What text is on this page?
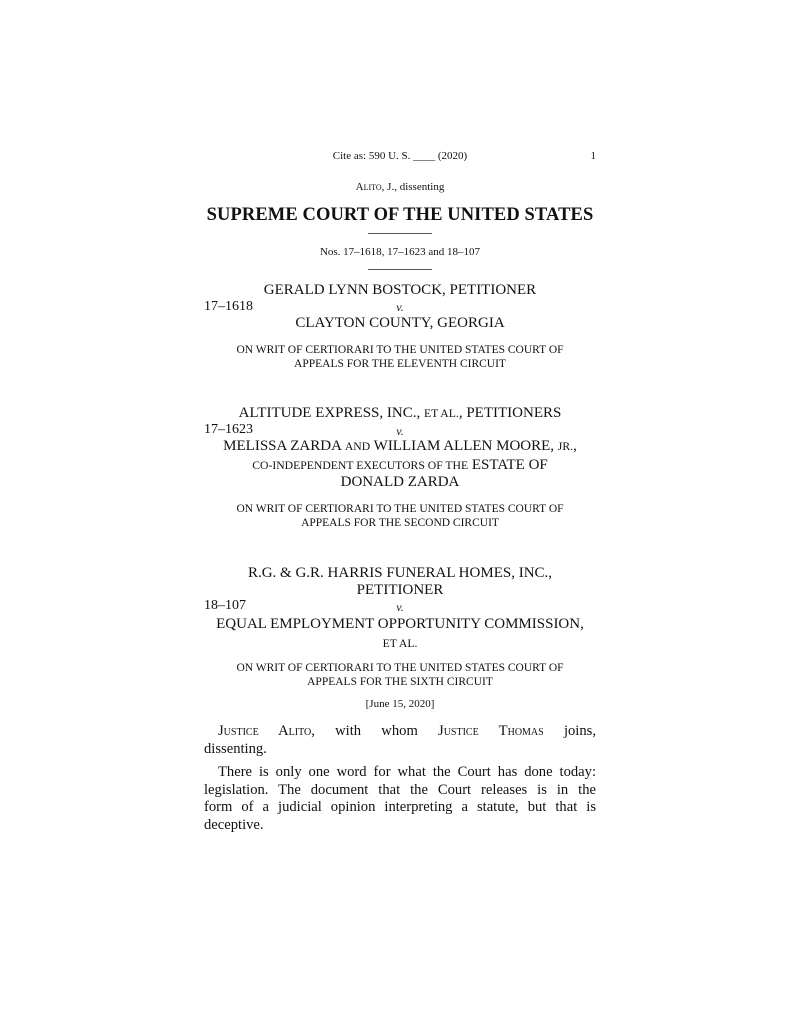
Cite as: 590 U. S. ____ (2020)	1
Alito, J., dissenting
SUPREME COURT OF THE UNITED STATES
Nos. 17–1618, 17–1623 and 18–107
GERALD LYNN BOSTOCK, PETITIONER
17–1618	v.
CLAYTON COUNTY, GEORGIA
ON WRIT OF CERTIORARI TO THE UNITED STATES COURT OF
APPEALS FOR THE ELEVENTH CIRCUIT
ALTITUDE EXPRESS, INC., ET AL., PETITIONERS
17–1623	v.
MELISSA ZARDA AND WILLIAM ALLEN MOORE, JR.,
CO-INDEPENDENT EXECUTORS OF THE ESTATE OF
DONALD ZARDA
ON WRIT OF CERTIORARI TO THE UNITED STATES COURT OF
APPEALS FOR THE SECOND CIRCUIT
R.G. & G.R. HARRIS FUNERAL HOMES, INC.,
PETITIONER
18–107	v.
EQUAL EMPLOYMENT OPPORTUNITY COMMISSION,
ET AL.
ON WRIT OF CERTIORARI TO THE UNITED STATES COURT OF
APPEALS FOR THE SIXTH CIRCUIT
[June 15, 2020]
Justice Alito, with whom Justice Thomas joins,
dissenting.
There is only one word for what the Court has done today:
legislation. The document that the Court releases is in the
form of a judicial opinion interpreting a statute, but that is
deceptive.
